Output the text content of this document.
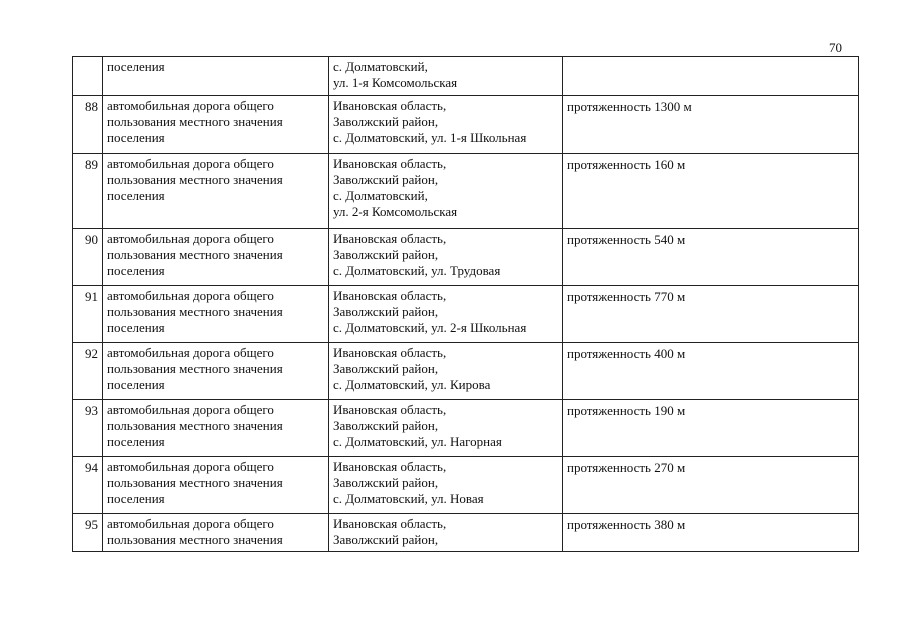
70
	поселения	с. Долматовский,
ул. 1-я Комсомольская	
88	автомобильная дорога общего
пользования местного значения
поселения	Ивановская область,
Заволжский район,
с. Долматовский, ул. 1-я Школьная	протяженность 1300 м
89	автомобильная дорога общего
пользования местного значения
поселения	Ивановская область,
Заволжский район,
с. Долматовский,
ул. 2-я Комсомольская	протяженность 160 м
90	автомобильная дорога общего
пользования местного значения
поселения	Ивановская область,
Заволжский район,
с. Долматовский, ул. Трудовая	протяженность 540 м
91	автомобильная дорога общего
пользования местного значения
поселения	Ивановская область,
Заволжский район,
с. Долматовский, ул. 2-я Школьная	протяженность 770 м
92	автомобильная дорога общего
пользования местного значения
поселения	Ивановская область,
Заволжский район,
с. Долматовский, ул. Кирова	протяженность 400 м
93	автомобильная дорога общего
пользования местного значения
поселения	Ивановская область,
Заволжский район,
с. Долматовский, ул. Нагорная	протяженность 190 м
94	автомобильная дорога общего
пользования местного значения
поселения	Ивановская область,
Заволжский район,
с. Долматовский, ул. Новая	протяженность 270 м
95	автомобильная дорога общего
пользования местного значения	Ивановская область,
Заволжский район,	протяженность 380 м
